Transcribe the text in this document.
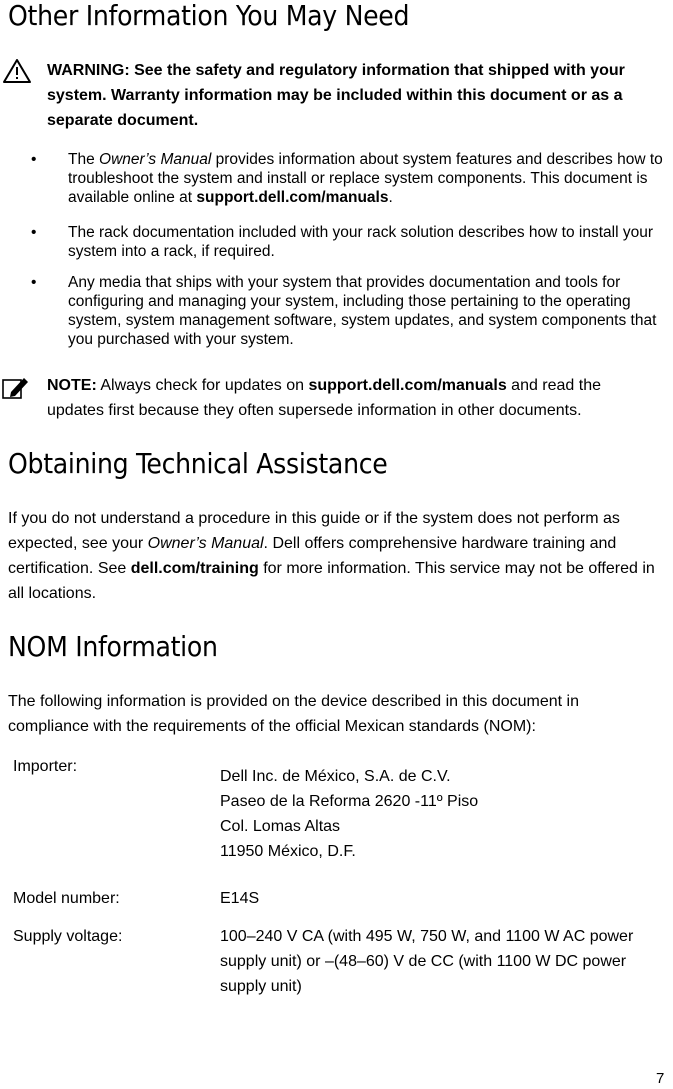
Other Information You May Need
WARNING: See the safety and regulatory information that shipped with your system. Warranty information may be included within this document or as a separate document.
• The Owner’s Manual provides information about system features and describes how to troubleshoot the system and install or replace system components. This document is available online at support.dell.com/manuals.
• The rack documentation included with your rack solution describes how to install your system into a rack, if required.
• Any media that ships with your system that provides documentation and tools for configuring and managing your system, including those pertaining to the operating system, system management software, system updates, and system components that you purchased with your system.
NOTE: Always check for updates on support.dell.com/manuals and read the updates first because they often supersede information in other documents.
Obtaining Technical Assistance
If you do not understand a procedure in this guide or if the system does not perform as expected, see your Owner’s Manual. Dell offers comprehensive hardware training and certification. See dell.com/training for more information. This service may not be offered in all locations.
NOM Information
The following information is provided on the device described in this document in compliance with the requirements of the official Mexican standards (NOM):
Importer:
Dell Inc. de México, S.A. de C.V.
Paseo de la Reforma 2620 -11º Piso
Col. Lomas Altas
11950 México, D.F.
Model number:	E14S
Supply voltage:	100–240 V CA (with 495 W, 750 W, and 1100 W AC power supply unit) or –(48–60) V de CC (with 1100 W DC power supply unit)
7
